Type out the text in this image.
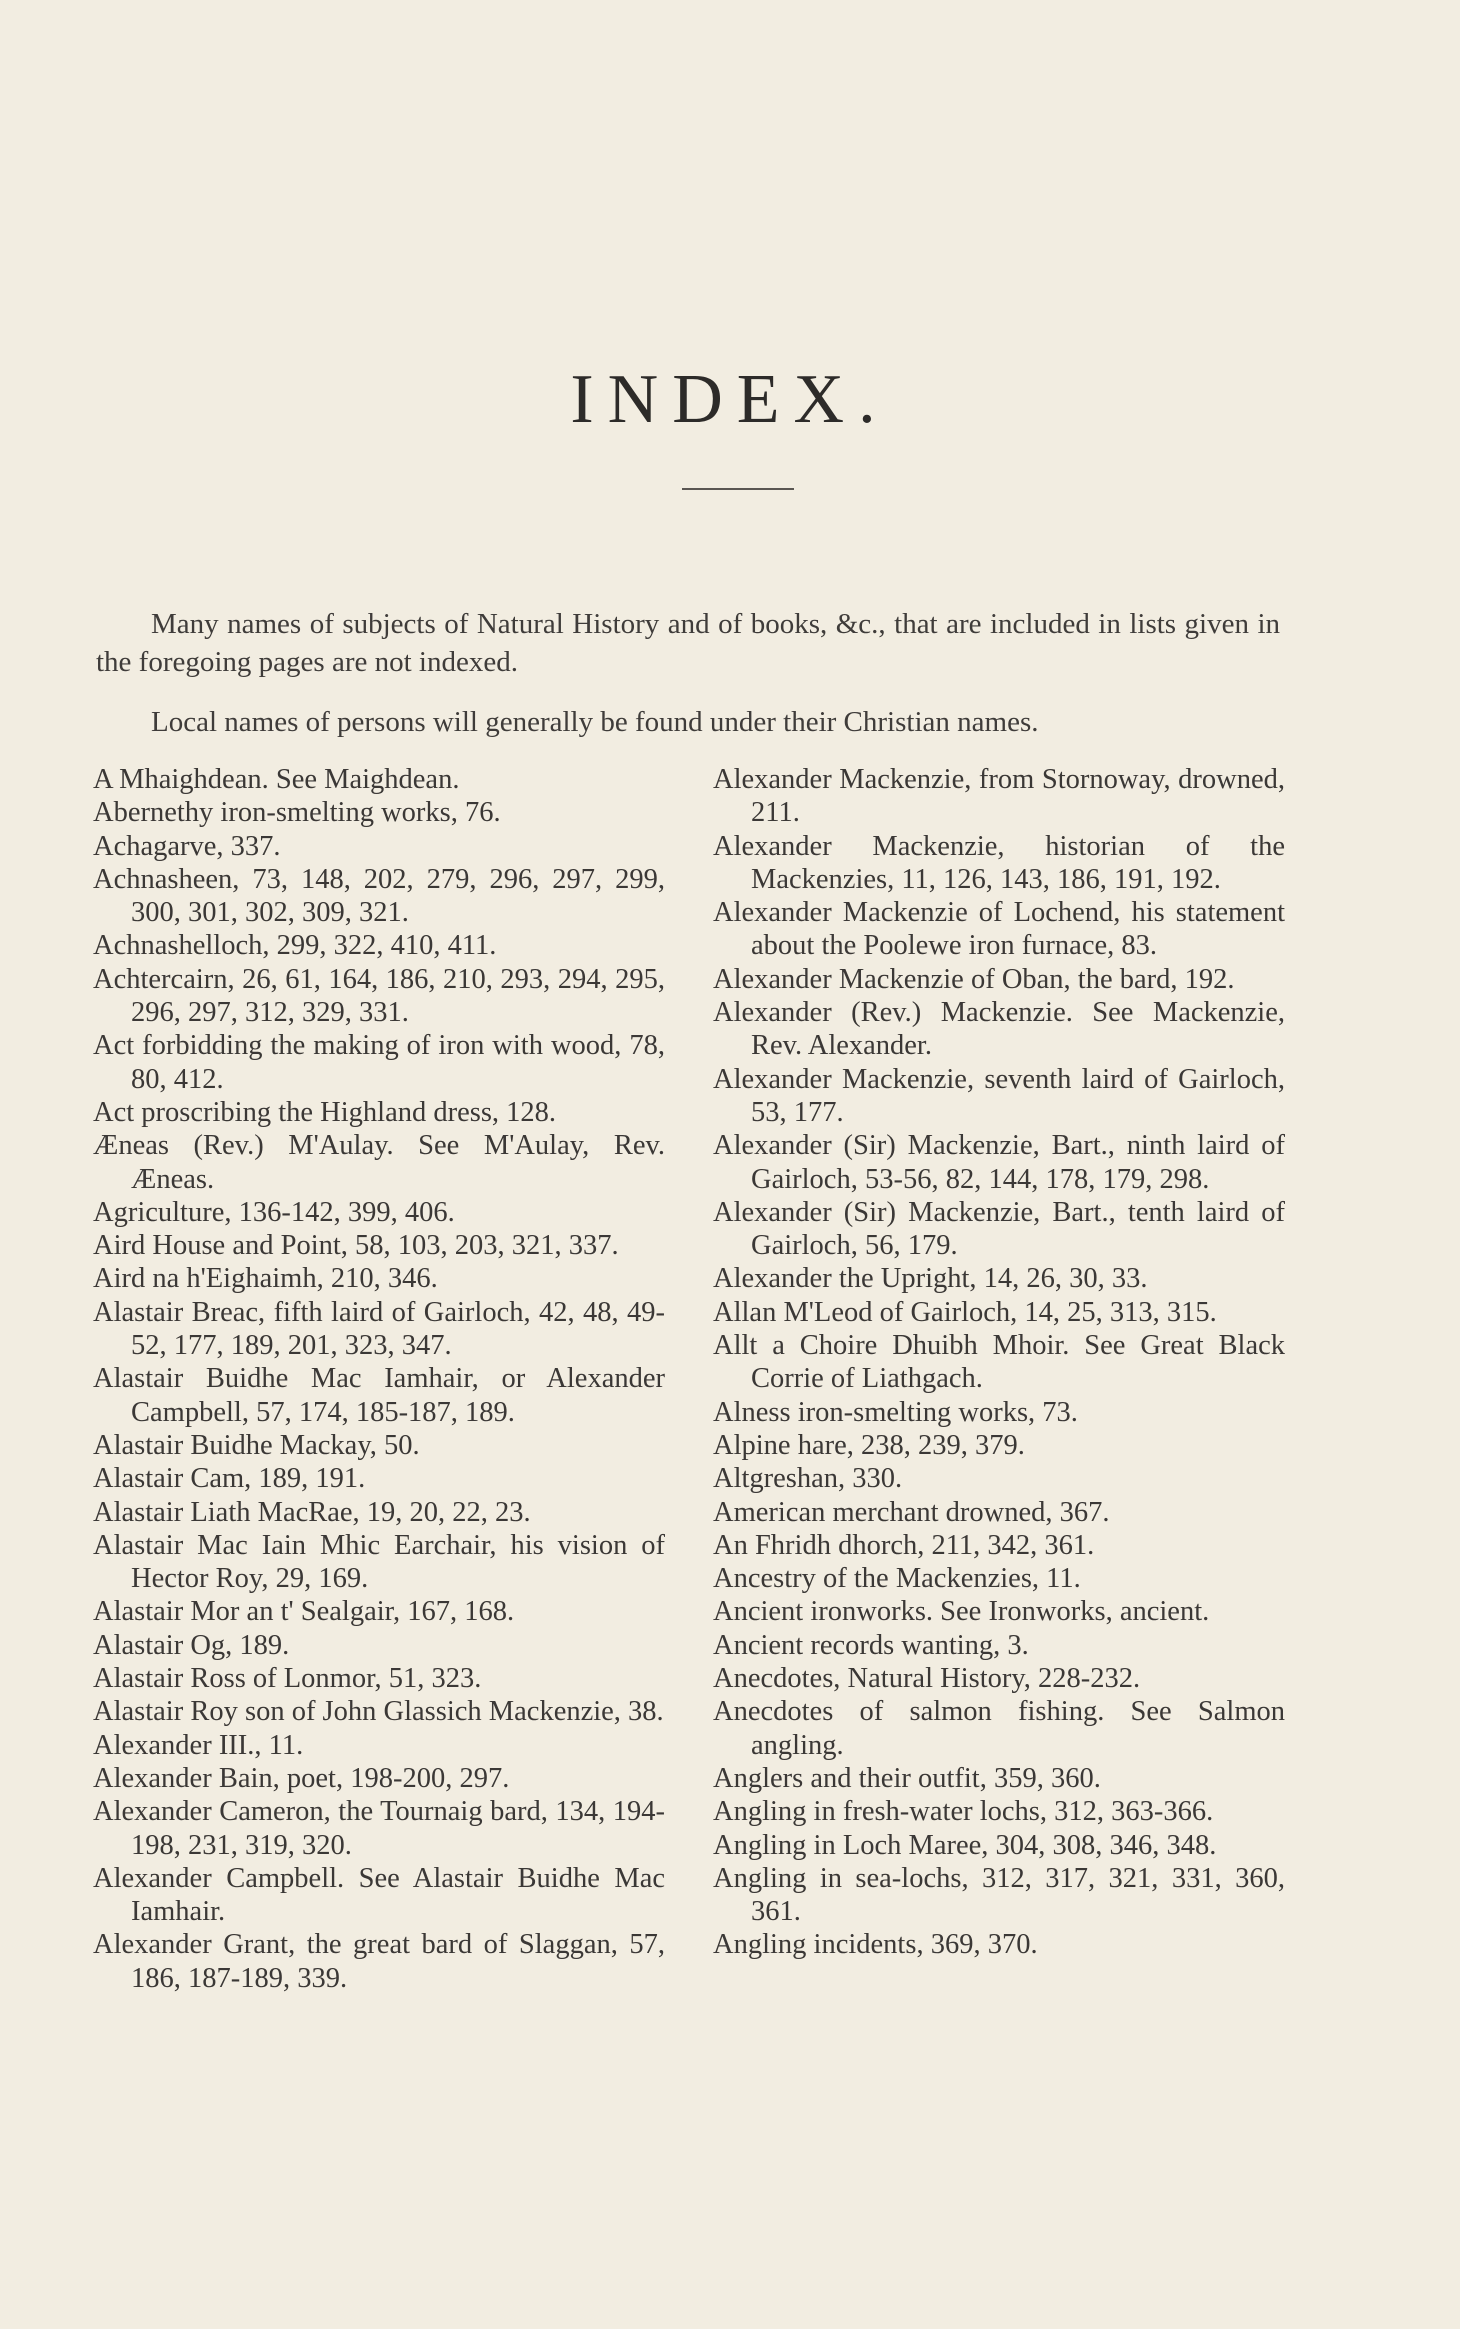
INDEX.

Many names of subjects of Natural History and of books, &c., that are included in lists given in the foregoing pages are not indexed.

Local names of persons will generally be found under their Christian names.

A Mhaighdean. See Maighdean.
Abernethy iron-smelting works, 76.
Achagarve, 337.
Achnasheen, 73, 148, 202, 279, 296, 297, 299, 300, 301, 302, 309, 321.
Achnashelloch, 299, 322, 410, 411.
Achtercairn, 26, 61, 164, 186, 210, 293, 294, 295, 296, 297, 312, 329, 331.
Act forbidding the making of iron with wood, 78, 80, 412.
Act proscribing the Highland dress, 128.
Æneas (Rev.) M'Aulay. See M'Aulay, Rev. Æneas.
Agriculture, 136-142, 399, 406.
Aird House and Point, 58, 103, 203, 321, 337.
Aird na h'Eighaimh, 210, 346.
Alastair Breac, fifth laird of Gairloch, 42, 48, 49-52, 177, 189, 201, 323, 347.
Alastair Buidhe Mac Iamhair, or Alexander Campbell, 57, 174, 185-187, 189.
Alastair Buidhe Mackay, 50.
Alastair Cam, 189, 191.
Alastair Liath MacRae, 19, 20, 22, 23.
Alastair Mac Iain Mhic Earchair, his vision of Hector Roy, 29, 169.
Alastair Mor an t' Sealgair, 167, 168.
Alastair Og, 189.
Alastair Ross of Lonmor, 51, 323.
Alastair Roy son of John Glassich Mackenzie, 38.
Alexander III., 11.
Alexander Bain, poet, 198-200, 297.
Alexander Cameron, the Tournaig bard, 134, 194-198, 231, 319, 320.
Alexander Campbell. See Alastair Buidhe Mac Iamhair.
Alexander Grant, the great bard of Slaggan, 57, 186, 187-189, 339.
Alexander Mackenzie, from Stornoway, drowned, 211.
Alexander Mackenzie, historian of the Mackenzies, 11, 126, 143, 186, 191, 192.
Alexander Mackenzie of Lochend, his statement about the Poolewe iron furnace, 83.
Alexander Mackenzie of Oban, the bard, 192.
Alexander (Rev.) Mackenzie. See Mackenzie, Rev. Alexander.
Alexander Mackenzie, seventh laird of Gairloch, 53, 177.
Alexander (Sir) Mackenzie, Bart., ninth laird of Gairloch, 53-56, 82, 144, 178, 179, 298.
Alexander (Sir) Mackenzie, Bart., tenth laird of Gairloch, 56, 179.
Alexander the Upright, 14, 26, 30, 33.
Allan M'Leod of Gairloch, 14, 25, 313, 315.
Allt a Choire Dhuibh Mhoir. See Great Black Corrie of Liathgach.
Alness iron-smelting works, 73.
Alpine hare, 238, 239, 379.
Altgreshan, 330.
American merchant drowned, 367.
An Fhridh dhorch, 211, 342, 361.
Ancestry of the Mackenzies, 11.
Ancient ironworks. See Ironworks, ancient.
Ancient records wanting, 3.
Anecdotes, Natural History, 228-232.
Anecdotes of salmon fishing. See Salmon angling.
Anglers and their outfit, 359, 360.
Angling in fresh-water lochs, 312, 363-366.
Angling in Loch Maree, 304, 308, 346, 348.
Angling in sea-lochs, 312, 317, 321, 331, 360, 361.
Angling incidents, 369, 370.
